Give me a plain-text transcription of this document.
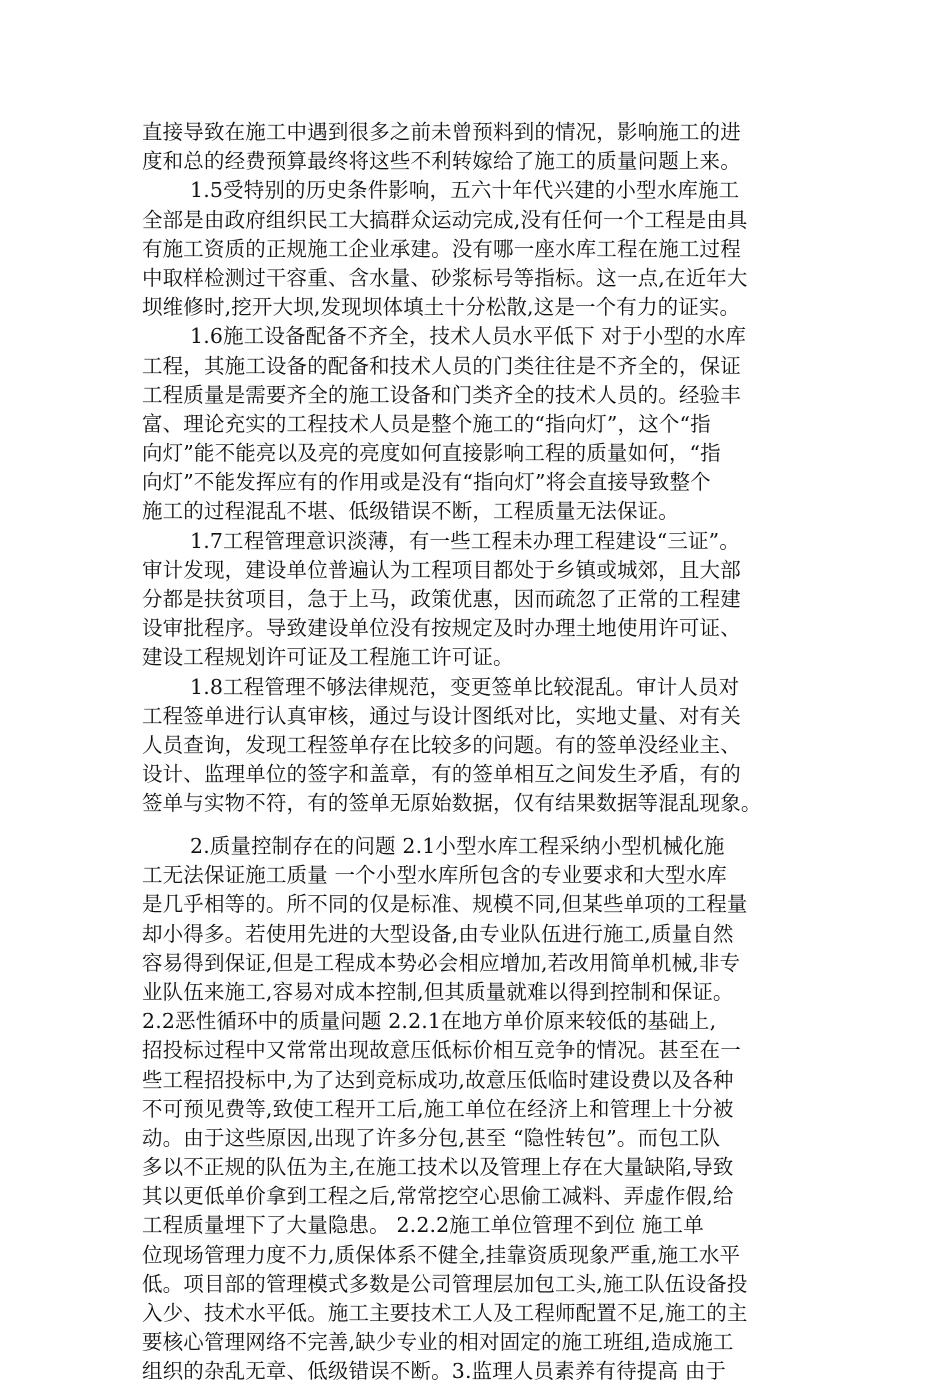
直接导致在施工中遇到很多之前未曾预料到的情况，影响施工的进
度和总的经费预算最终将这些不利转嫁给了施工的质量问题上来。
1.5受特别的历史条件影响，五六十年代兴建的小型水库施工
全部是由政府组织民工大搞群众运动完成,没有任何一个工程是由具
有施工资质的正规施工企业承建。没有哪一座水库工程在施工过程
中取样检测过干容重、含水量、砂浆标号等指标。这一点,在近年大
坝维修时,挖开大坝,发现坝体填土十分松散,这是一个有力的证实。
1.6施工设备配备不齐全，技术人员水平低下 对于小型的水库
工程，其施工设备的配备和技术人员的门类往往是不齐全的，保证
工程质量是需要齐全的施工设备和门类齐全的技术人员的。经验丰
富、理论充实的工程技术人员是整个施工的“指向灯”，这个“指
向灯”能不能亮以及亮的亮度如何直接影响工程的质量如何，“指
向灯”不能发挥应有的作用或是没有“指向灯”将会直接导致整个
施工的过程混乱不堪、低级错误不断，工程质量无法保证。
1.7工程管理意识淡薄，有一些工程未办理工程建设“三证”。
审计发现，建设单位普遍认为工程项目都处于乡镇或城郊，且大部
分都是扶贫项目，急于上马，政策优惠，因而疏忽了正常的工程建
设审批程序。导致建设单位没有按规定及时办理土地使用许可证、
建设工程规划许可证及工程施工许可证。
1.8工程管理不够法律规范，变更签单比较混乱。审计人员对
工程签单进行认真审核，通过与设计图纸对比，实地丈量、对有关
人员查询，发现工程签单存在比较多的问题。有的签单没经业主、
设计、监理单位的签字和盖章，有的签单相互之间发生矛盾，有的
签单与实物不符，有的签单无原始数据，仅有结果数据等混乱现象。
2.质量控制存在的问题 2.1小型水库工程采纳小型机械化施
工无法保证施工质量 一个小型水库所包含的专业要求和大型水库
是几乎相等的。所不同的仅是标准、规模不同,但某些单项的工程量
却小得多。若使用先进的大型设备,由专业队伍进行施工,质量自然
容易得到保证,但是工程成本势必会相应增加,若改用简单机械,非专
业队伍来施工,容易对成本控制,但其质量就难以得到控制和保证。
2.2恶性循环中的质量问题 2.2.1在地方单价原来较低的基础上,
招投标过程中又常常出现故意压低标价相互竞争的情况。甚至在一
些工程招投标中,为了达到竞标成功,故意压低临时建设费以及各种
不可预见费等,致使工程开工后,施工单位在经济上和管理上十分被
动。由于这些原因,出现了许多分包,甚至 “隐性转包”。而包工队
多以不正规的队伍为主,在施工技术以及管理上存在大量缺陷,导致
其以更低单价拿到工程之后,常常挖空心思偷工减料、弄虚作假,给
工程质量埋下了大量隐患。 2.2.2施工单位管理不到位 施工单
位现场管理力度不力,质保体系不健全,挂靠资质现象严重,施工水平
低。项目部的管理模式多数是公司管理层加包工头,施工队伍设备投
入少、技术水平低。施工主要技术工人及工程师配置不足,施工的主
要核心管理网络不完善,缺少专业的相对固定的施工班组,造成施工
组织的杂乱无章、低级错误不断。3.监理人员素养有待提高 由于
